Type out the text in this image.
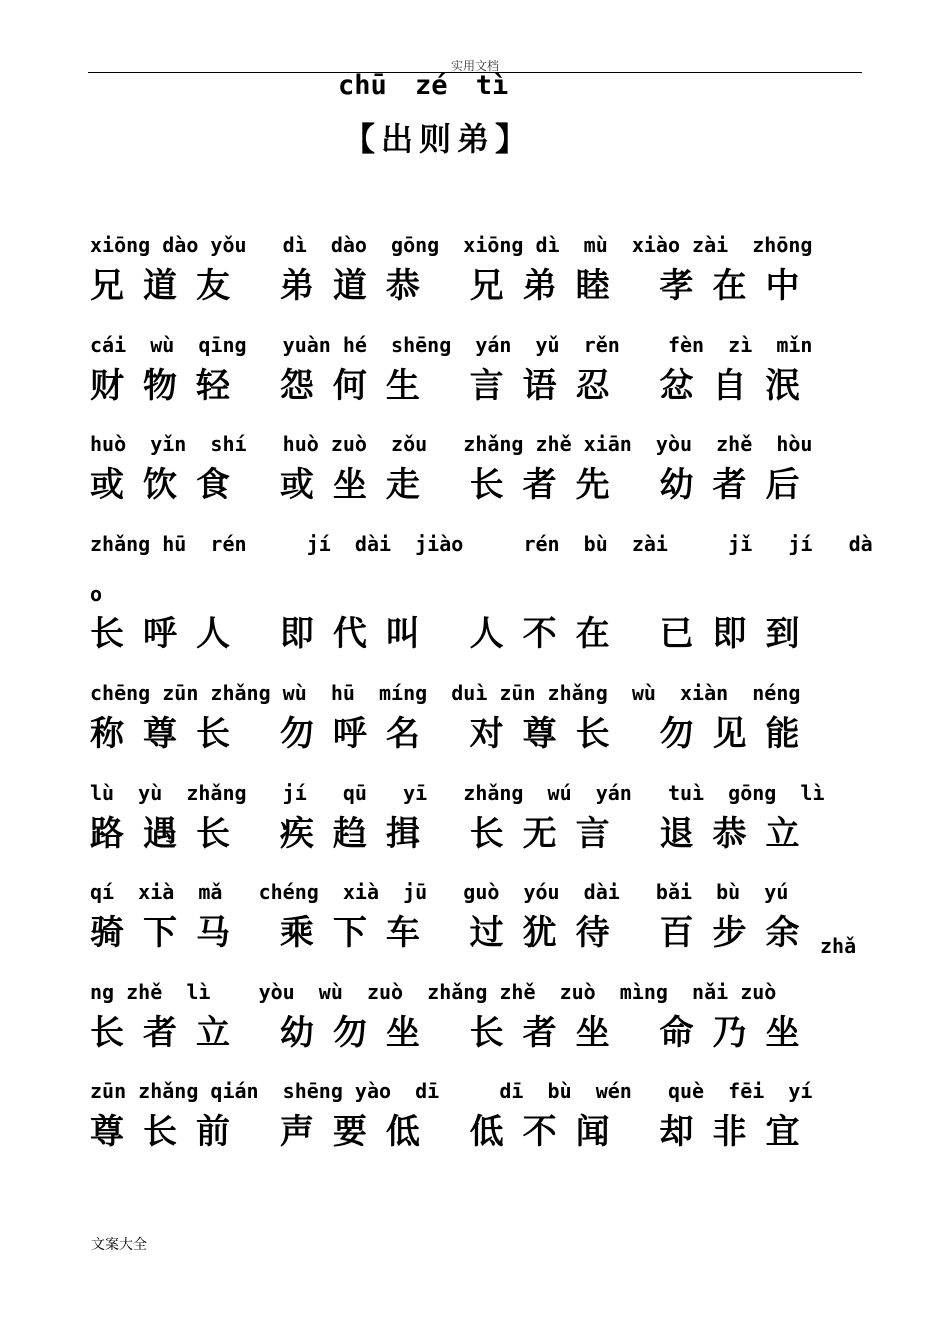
实用文档
chū zé tì
【出则弟】
xiōng dào yǒu   dì  dào  gōng  xiōng dì  mù  xiào zài  zhōng
兄道友 弟道恭 兄弟睦 孝在中
cái  wù  qīng   yuàn hé  shēng  yán  yǔ  rěn    fèn  zì  mǐn
财物轻 怨何生 言语忍 忿自泯
huò  yǐn  shí   huò zuò  zǒu   zhǎng zhě xiān  yòu  zhě  hòu
或饮食 或坐走 长者先 幼者后
zhǎng hū  rén     jí  dài  jiào     rén  bù  zài     jǐ   jí   dà
o
长呼人 即代叫 人不在 已即到
chēng zūn zhǎng wù  hū  míng  duì zūn zhǎng  wù  xiàn  néng
称尊长 勿呼名 对尊长 勿见能
lù  yù  zhǎng   jí   qū   yī   zhǎng  wú  yán   tuì  gōng  lì
路遇长 疾趋揖 长无言 退恭立
qí  xià  mǎ   chéng  xià  jū   guò  yóu  dài   bǎi  bù  yú
骑下马 乘下车 过犹待 百步余 zhǎ
ng zhě  lì    yòu  wù  zuò  zhǎng zhě  zuò  mìng  nǎi zuò
长者立 幼勿坐 长者坐 命乃坐
zūn zhǎng qián  shēng yào  dī     dī  bù  wén   què  fēi  yí
尊长前 声要低 低不闻 却非宜
文案大全
